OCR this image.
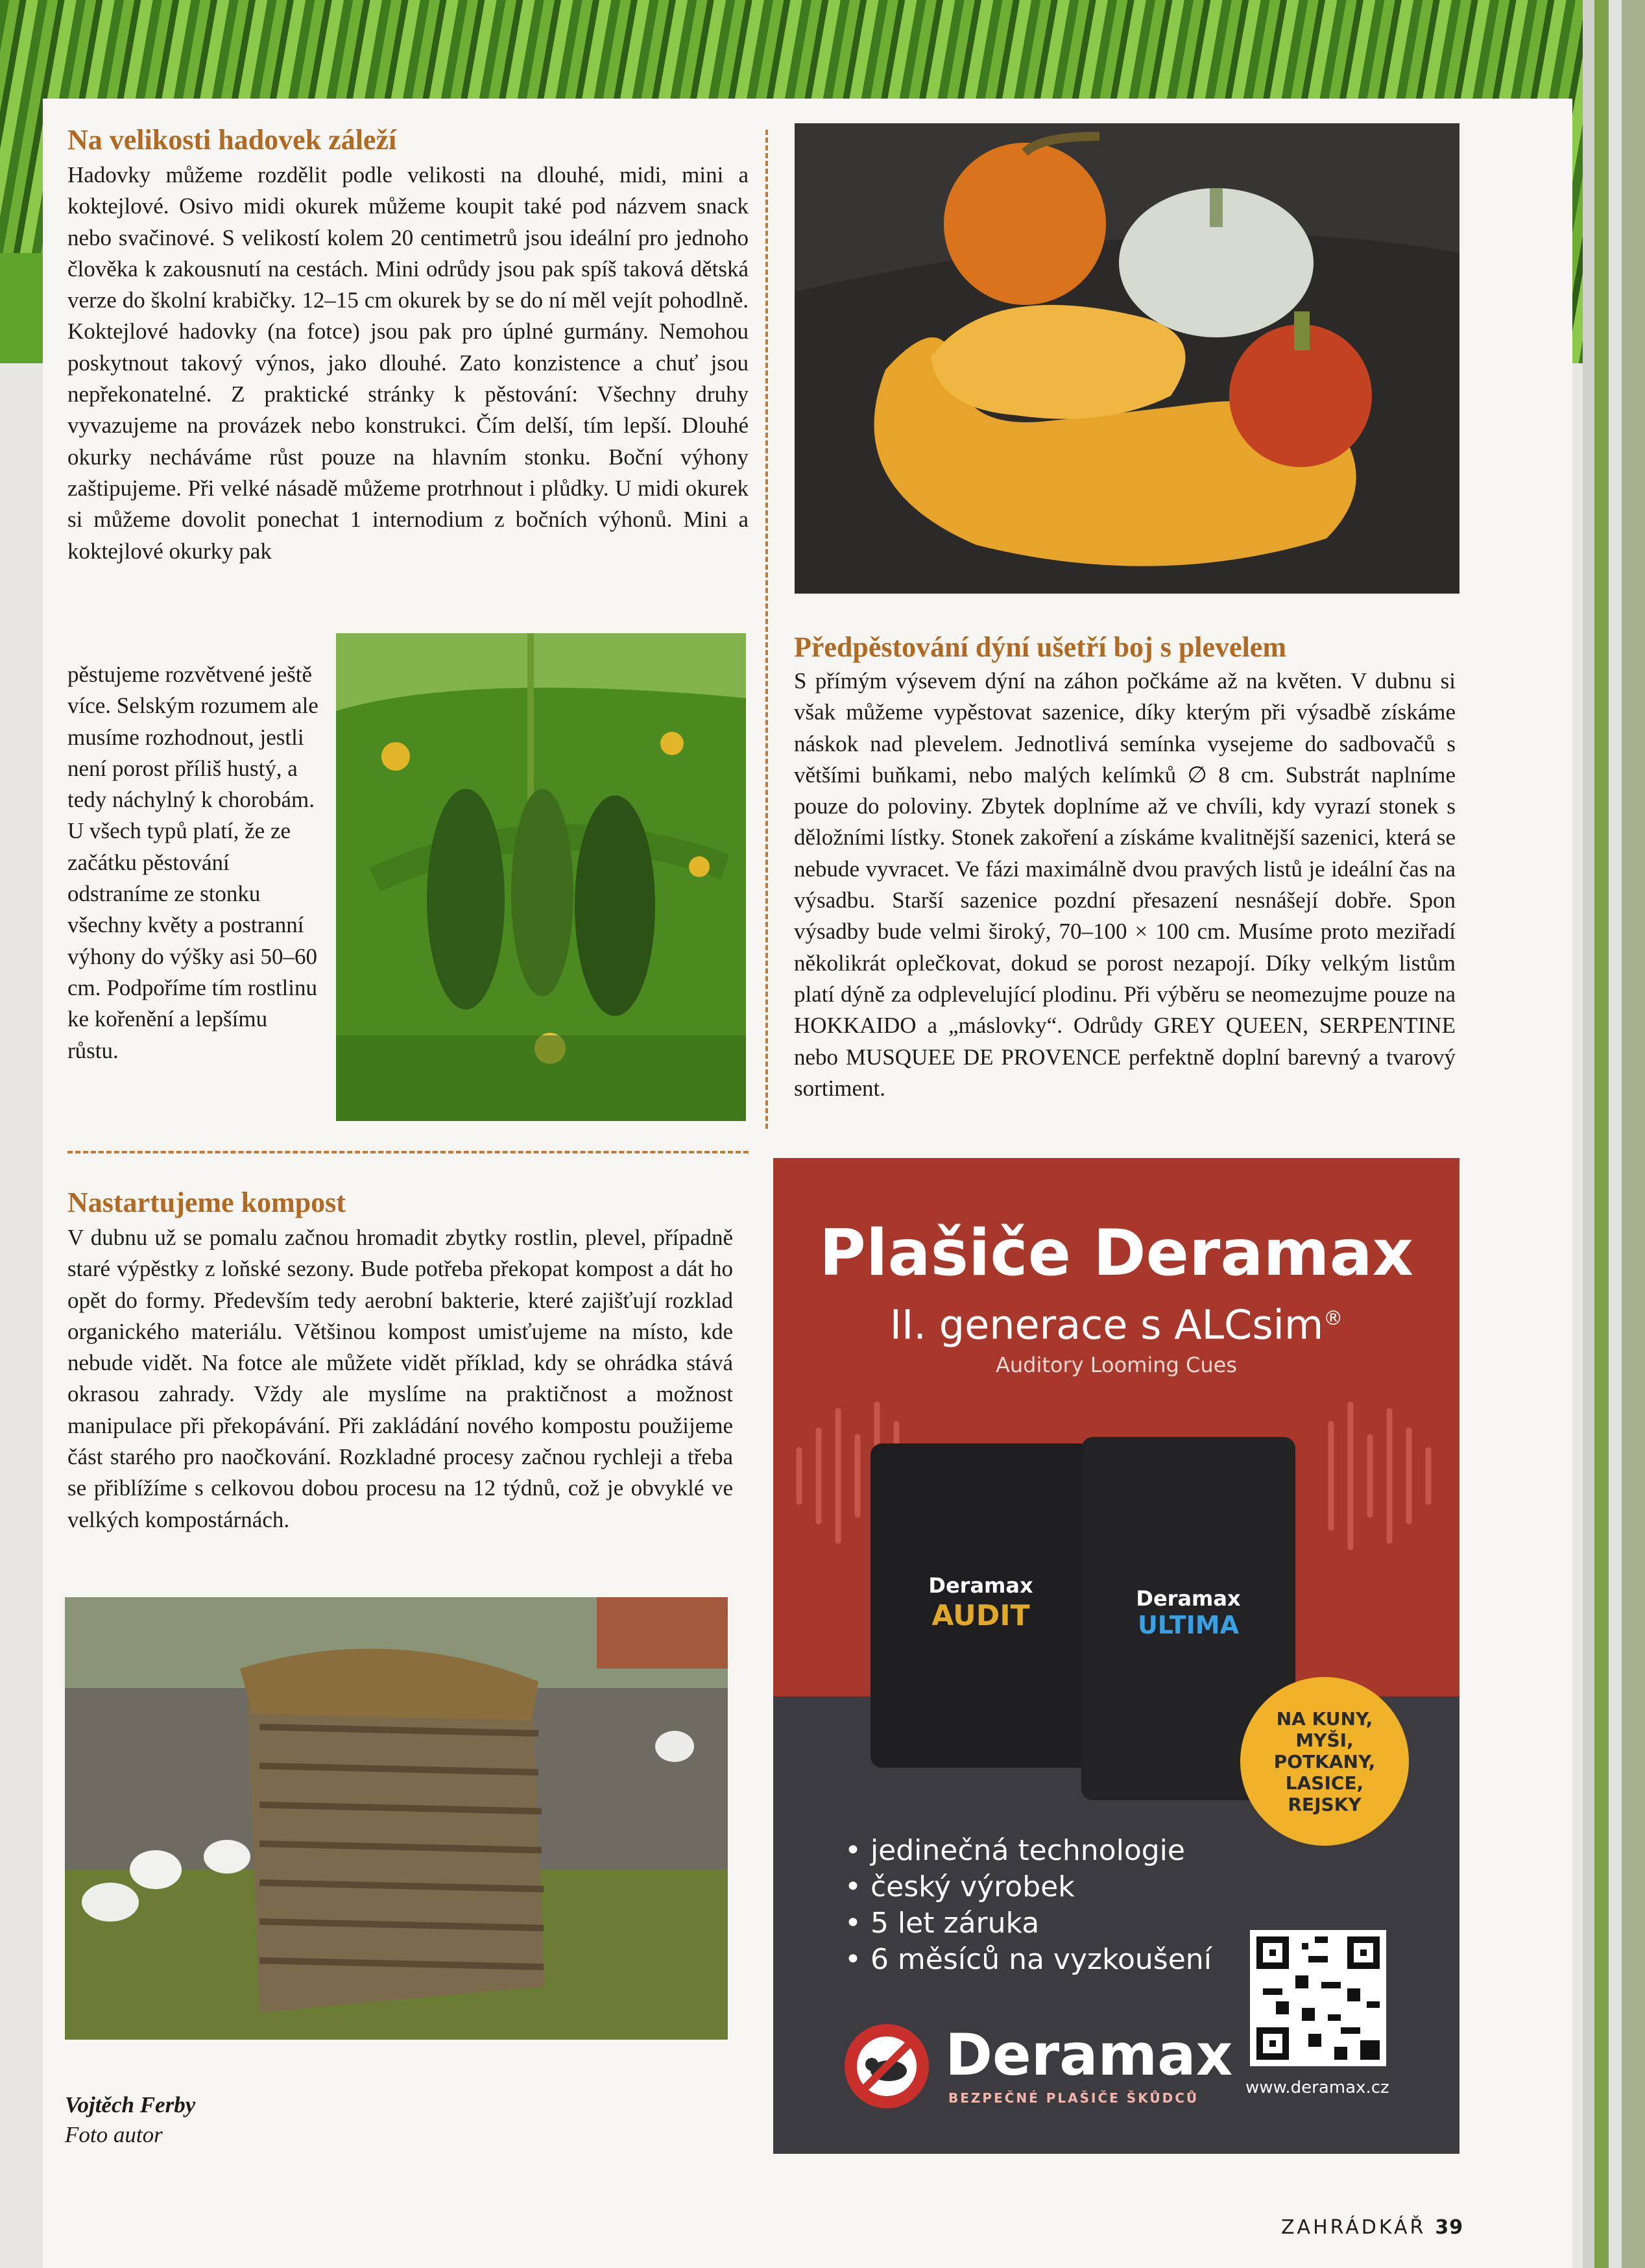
Na velikosti hadovek záleží

Hadovky můžeme rozdělit podle velikosti na dlouhé, midi, mini a koktejlové. Osivo midi okurek můžeme koupit také pod názvem snack nebo svačinové. S velikostí kolem 20 centimetrů jsou ideální pro jednoho člověka k zakousnutí na cestách. Mini odrůdy jsou pak spíš taková dětská verze do školní krabičky. 12–15 cm okurek by se do ní měl vejít pohodlně. Koktejlové hadovky (na fotce) jsou pak pro úplné gurmány. Nemohou poskytnout takový výnos, jako dlouhé. Zato konzistence a chuť jsou nepřekonatelné. Z praktické stránky k pěstování: Všechny druhy vyvazujeme na provázek nebo konstrukci. Čím delší, tím lepší. Dlouhé okurky necháváme růst pouze na hlavním stonku. Boční výhony zaštipujeme. Při velké násadě můžeme protrhnout i plůdky. U midi okurek si můžeme dovolit ponechat 1 internodium z bočních výhonů. Mini a koktejlové okurky pak

pěstujeme rozvětvené ještě více. Selským rozumem ale musíme rozhodnout, jestli není porost příliš hustý, a tedy náchylný k chorobám. U všech typů platí, že ze začátku pěstování odstraníme ze stonku všechny květy a postranní výhony do výšky asi 50–60 cm. Podpoříme tím rostlinu ke kořenění a lepšímu růstu.

Předpěstování dýní ušetří boj s plevelem

S přímým výsevem dýní na záhon počkáme až na květen. V dubnu si však můžeme vypěstovat sazenice, díky kterým při výsadbě získáme náskok nad plevelem. Jednotlivá semínka vysejeme do sadbovačů s většími buňkami, nebo malých kelímků ∅ 8 cm. Substrát naplníme pouze do poloviny. Zbytek doplníme až ve chvíli, kdy vyrazí stonek s děložními lístky. Stonek zakoření a získáme kvalitnější sazenici, která se nebude vyvracet. Ve fázi maximálně dvou pravých listů je ideální čas na výsadbu. Starší sazenice pozdní přesazení nesnášejí dobře. Spon výsadby bude velmi široký, 70–100 × 100 cm. Musíme proto meziřadí několikrát oplečkovat, dokud se porost nezapojí. Díky velkým listům platí dýně za odplevelující plodinu. Při výběru se neomezujme pouze na HOKKAIDO a „máslovky“. Odrůdy GREY QUEEN, SERPENTINE nebo MUSQUEE DE PROVENCE perfektně doplní barevný a tvarový sortiment.

Nastartujeme kompost

V dubnu už se pomalu začnou hromadit zbytky rostlin, plevel, případně staré výpěstky z loňské sezony. Bude potřeba překopat kompost a dát ho opět do formy. Především tedy aerobní bakterie, které zajišťují rozklad organického materiálu. Většinou kompost umisťujeme na místo, kde nebude vidět. Na fotce ale můžete vidět příklad, kdy se ohrádka stává okrasou zahrady. Vždy ale myslíme na praktičnost a možnost manipulace při překopávání. Při zakládání nového kompostu použijeme část starého pro naočkování. Rozkladné procesy začnou rychleji a třeba se přiblížíme s celkovou dobou procesu na 12 týdnů, což je obvyklé ve velkých kompostárnách.

Plašiče Deramax
II. generace s ALCsim®
Auditory Looming Cues
Deramax
AUDIT
Deramax
ULTIMA
NA KUNY, MYŠI, POTKANY, LASICE, REJSKY
• jedinečná technologie
• český výrobek
• 5 let záruka
• 6 měsíců na vyzkoušení
Deramax
BEZPEČNÉ PLAŠIČE ŠKŮDCŮ
www.deramax.cz
Vojtěch Ferby
Foto autor
ZAHRÁDKÁŘ 39
